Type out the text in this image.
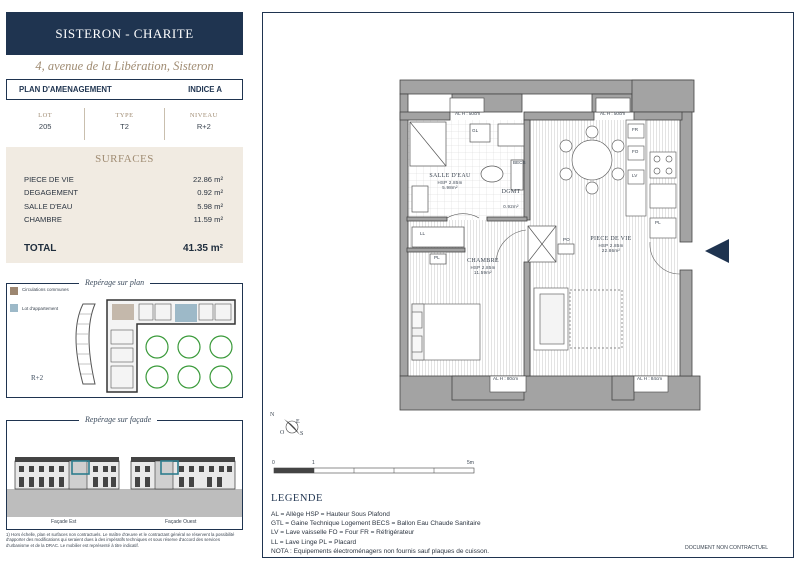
SISTERON - CHARITE
4, avenue de la Libération, Sisteron
PLAN D'AMENAGEMENT	INDICE A
LOT
205
TYPE
T2
NIVEAU
R+2
SURFACES
PIECE DE VIE	22.86 m²
DEGAGEMENT	0.92 m²
SALLE D'EAU	5.98 m²
CHAMBRE	11.59 m²
TOTAL	41.35 m²
Repérage sur plan
Circulations communes
Lot d'appartement
R+2
Repérage sur façade
Façade Est	Façade Ouest
1) Hors échelle, plan et surfaces non contractuels. Le maître d'œuvre et le contractant général se réservent la possibilité d'apporter des modifications qui seraient dues à des impératifs techniques et sous réserve d'accord des services d'urbanisme et de la DRAC. Le mobilier est représenté à titre indicatif.
SALLE D'EAU
HSP 2.85m
5.98m²
DGMT
0.92m²
CHAMBRE
HSP 2.85m
11.59m²
PIECE DE VIE
HSP 2.85m
22.86m²
GL
BECS
FR
FO
LV
LL
PL
PL
PO
AL H : 50cm	AL H : 50cm
AL H : 80cm	AL H : 84cm
N
O
E
S
0	1	5m
LEGENDE
AL = Allège HSP = Hauteur Sous Plafond
GTL = Gaine Technique Logement BECS = Ballon Eau Chaude Sanitaire
LV = Lave vaisselle FO = Four FR = Réfrigérateur
LL = Lave Linge PL = Placard
NOTA : Equipements électroménagers non fournis sauf plaques de cuisson.	DOCUMENT NON CONTRACTUEL
